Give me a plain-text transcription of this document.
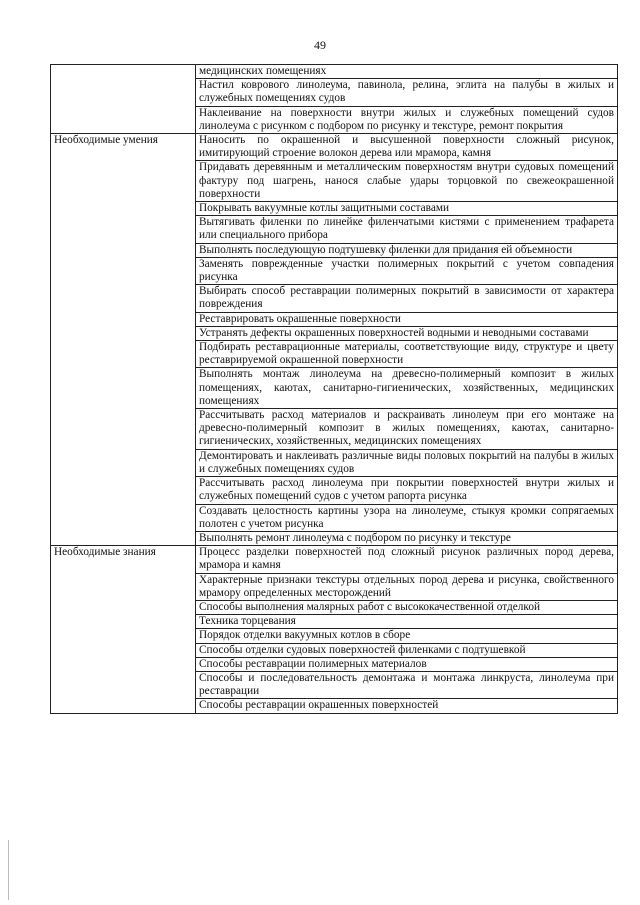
49
	медицинских помещениях
	Настил коврового линолеума, павинола, релина, эглита на палубы в жилых и служебных помещениях судов
	Наклеивание на поверхности внутри жилых и служебных помещений судов линолеума с рисунком с подбором по рисунку и текстуре, ремонт покрытия
Необходимые умения	Наносить по окрашенной и высушенной поверхности сложный рисунок, имитирующий строение волокон дерева или мрамора, камня
	Придавать деревянным и металлическим поверхностям внутри судовых помещений фактуру под шагрень, нанося слабые удары торцовкой по свежеокрашенной поверхности
	Покрывать вакуумные котлы защитными составами
	Вытягивать филенки по линейке филенчатыми кистями с применением трафарета или специального прибора
	Выполнять последующую подтушевку филенки для придания ей объемности
	Заменять поврежденные участки полимерных покрытий с учетом совпадения рисунка
	Выбирать способ реставрации полимерных покрытий в зависимости от характера повреждения
	Реставрировать окрашенные поверхности
	Устранять дефекты окрашенных поверхностей водными и неводными составами
	Подбирать реставрационные материалы, соответствующие виду, структуре и цвету реставрируемой окрашенной поверхности
	Выполнять монтаж линолеума на древесно-полимерный композит в жилых помещениях, каютах, санитарно-гигиенических, хозяйственных, медицинских помещениях
	Рассчитывать расход материалов и раскраивать линолеум при его монтаже на древесно-полимерный композит в жилых помещениях, каютах, санитарно-гигиенических, хозяйственных, медицинских помещениях
	Демонтировать и наклеивать различные виды половых покрытий на палубы в жилых и служебных помещениях судов
	Рассчитывать расход линолеума при покрытии поверхностей внутри жилых и служебных помещений судов с учетом рапорта рисунка
	Создавать целостность картины узора на линолеуме, стыкуя кромки сопрягаемых полотен с учетом рисунка
	Выполнять ремонт линолеума с подбором по рисунку и текстуре
Необходимые знания	Процесс разделки поверхностей под сложный рисунок различных пород дерева, мрамора и камня
	Характерные признаки текстуры отдельных пород дерева и рисунка, свойственного мрамору определенных месторождений
	Способы выполнения малярных работ с высококачественной отделкой
	Техника торцевания
	Порядок отделки вакуумных котлов в сборе
	Способы отделки судовых поверхностей филенками с подтушевкой
	Способы реставрации полимерных материалов
	Способы и последовательность демонтажа и монтажа линкруста, линолеума при реставрации
	Способы реставрации окрашенных поверхностей
